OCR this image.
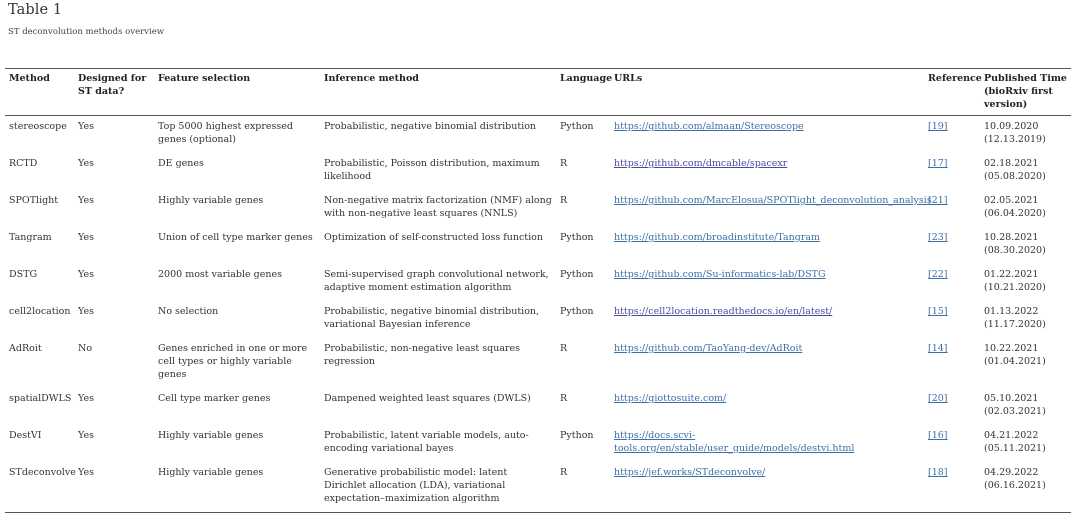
Table 1
ST deconvolution methods overview
Method	Designed for ST data?	Feature selection	Inference method	Language	URLs	Reference	Published Time (bioRxiv first version)
stereoscope	Yes	Top 5000 highest expressed genes (optional)	Probabilistic, negative binomial distribution	Python	https://github.com/almaan/Stereoscope	[19]	10.09.2020
(12.13.2019)

RCTD	Yes	DE genes	Probabilistic, Poisson distribution, maximum likelihood	R	https://github.com/dmcable/spacexr	[17]	02.18.2021
(05.08.2020)

SPOTlight	Yes	Highly variable genes	Non-negative matrix factorization (NMF) along with non-negative least squares (NNLS)	R	https://github.com/MarcElosua/SPOTlight_deconvolution_analysis	[21]	02.05.2021
(06.04.2020)

Tangram	Yes	Union of cell type marker genes	Optimization of self-constructed loss function	Python	https://github.com/broadinstitute/Tangram	[23]	10.28.2021
(08.30.2020)

DSTG	Yes	2000 most variable genes	Semi-supervised graph convolutional network, adaptive moment estimation algorithm	Python	https://github.com/Su-informatics-lab/DSTG	[22]	01.22.2021
(10.21.2020)

cell2location	Yes	No selection	Probabilistic, negative binomial distribution, variational Bayesian inference	Python	https://cell2location.readthedocs.io/en/latest/	[15]	01.13.2022
(11.17.2020)

AdRoit	No	Genes enriched in one or more cell types or highly variable genes	Probabilistic, non-negative least squares regression	R	https://github.com/TaoYang-dev/AdRoit	[14]	10.22.2021
(01.04.2021)

spatialDWLS	Yes	Cell type marker genes	Dampened weighted least squares (DWLS)	R	https://giottosuite.com/	[20]	05.10.2021
(02.03.2021)

DestVI	Yes	Highly variable genes	Probabilistic, latent variable models, auto-encoding variational bayes	Python	https://docs.scvi-tools.org/en/stable/user_guide/models/destvi.html	[16]	04.21.2022
(05.11.2021)

STdeconvolve	Yes	Highly variable genes	Generative probabilistic model: latent Dirichlet allocation (LDA), variational expectation–maximization algorithm	R	https://jef.works/STdeconvolve/	[18]	04.29.2022
(06.16.2021)
